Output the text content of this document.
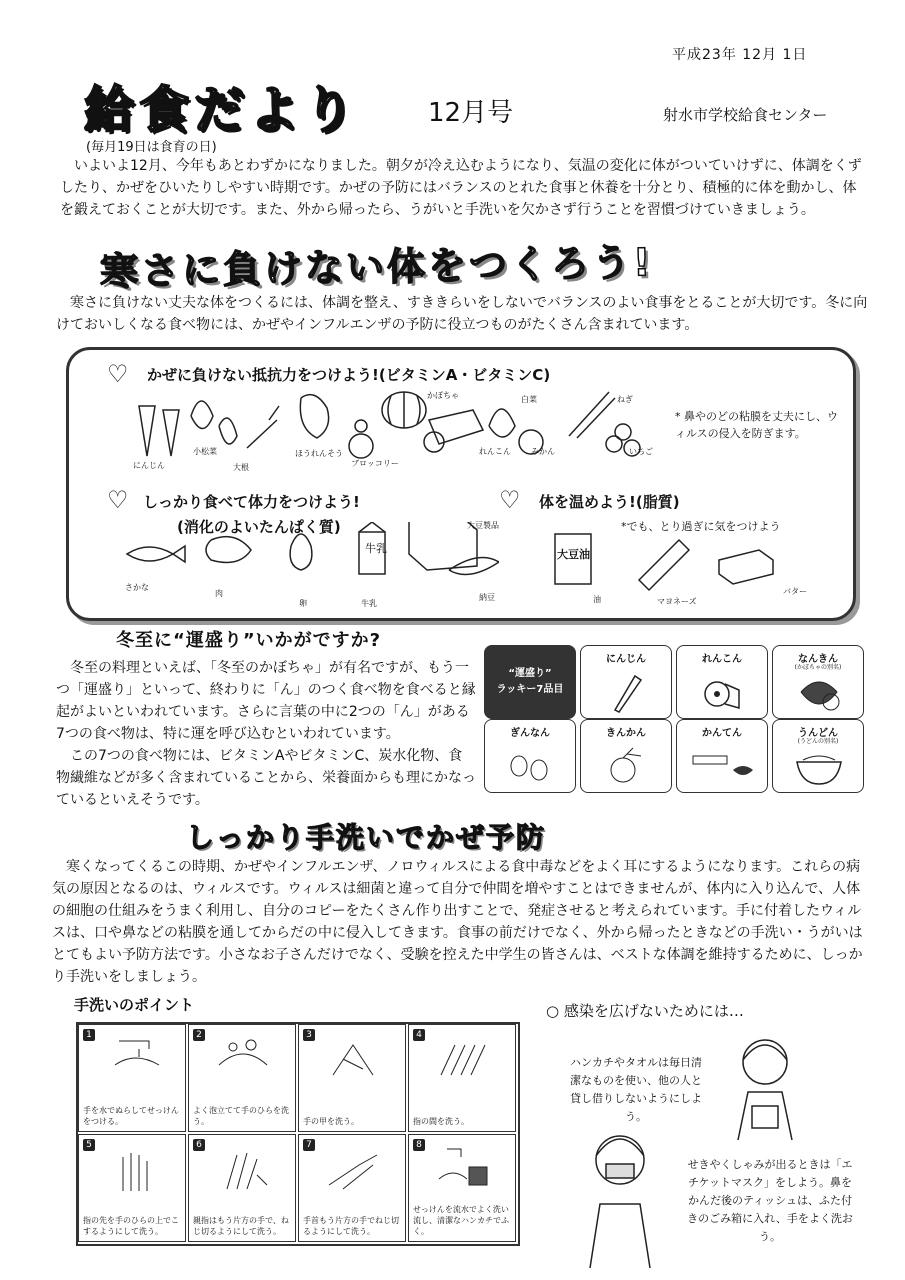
平成23年 12月 1日
給食だより	12月号	射水市学校給食センター
(毎月19日は食育の日)
いよいよ12月、今年もあとわずかになりました。朝夕が冷え込むようになり、気温の変化に体がついていけずに、体調をくずしたり、かぜをひいたりしやすい時期です。かぜの予防にはバランスのとれた食事と休養を十分とり、積極的に体を動かし、体を鍛えておくことが大切です。また、外から帰ったら、うがいと手洗いを欠かさず行うことを習慣づけていきましょう。
寒さに負けない体をつくろう!
寒さに負けない丈夫な体をつくるには、体調を整え、すききらいをしないでバランスのよい食事をとることが大切です。冬に向けておいしくなる食べ物には、かぜやインフルエンザの予防に役立つものがたくさん含まれています。
♡ かぜに負けない抵抗力をつけよう!(ビタミンA・ビタミンC)
かぼちゃ	白菜	ねぎ
小松菜	ほうれんそう	れんこん	みかん	いちご
にんじん	大根	ブロッコリー
* 鼻やのどの粘膜を丈夫にし、ウィルスの侵入を防ぎます。
♡ しっかり食べて体力をつけよう!
(消化のよいたんぱく質)
牛乳
大豆製品
さかな
肉
卵	牛乳
納豆
♡ 体を温めよう!(脂質)
*でも、とり過ぎに気をつけよう
大豆油
油	マヨネーズ
バター
冬至に“運盛り”いかがですか?
冬至の料理といえば、「冬至のかぼちゃ」が有名ですが、もう一つ「運盛り」といって、終わりに「ん」のつく食べ物を食べると縁起がよいといわれています。さらに言葉の中に2つの「ん」がある7つの食べ物は、特に運を呼び込むといわれています。
この7つの食べ物には、ビタミンAやビタミンC、炭水化物、食物繊維などが多く含まれていることから、栄養面からも理にかなっているといえそうです。
“運盛り”
ラッキー7品目
にんじん	れんこん	なんきん
(かぼちゃの別名)
ぎんなん	きんかん	かんてん	うんどん
(うどんの別名)
しっかり手洗いでかぜ予防
寒くなってくるこの時期、かぜやインフルエンザ、ノロウィルスによる食中毒などをよく耳にするようになります。これらの病気の原因となるのは、ウィルスです。ウィルスは細菌と違って自分で仲間を増やすことはできませんが、体内に入り込んで、人体の細胞の仕組みをうまく利用し、自分のコピーをたくさん作り出すことで、発症させると考えられています。手に付着したウィルスは、口や鼻などの粘膜を通してからだの中に侵入してきます。食事の前だけでなく、外から帰ったときなどの手洗い・うがいはとてもよい予防方法です。小さなお子さんだけでなく、受験を控えた中学生の皆さんは、ベストな体調を維持するために、しっかり手洗いをしましょう。
手洗いのポイント
1
手を水でぬらしてせっけんをつける。
2
よく泡立てて手のひらを洗う。
3
手の甲を洗う。
4
指の間を洗う。
5
指の先を手のひらの上でこするようにして洗う。
6
親指はもう片方の手で、ねじ切るようにして洗う。
7
手首もう片方の手でねじ切るようにして洗う。
8
せっけんを流水でよく洗い流し、清潔なハンカチでふく。
○ 感染を広げないためには…
ハンカチやタオルは毎日清潔なものを使い、他の人と貸し借りしないようにしよう。
せきやくしゃみが出るときは「エチケットマスク」をしよう。鼻をかんだ後のティッシュは、ふた付きのごみ箱に入れ、手をよく洗おう。
